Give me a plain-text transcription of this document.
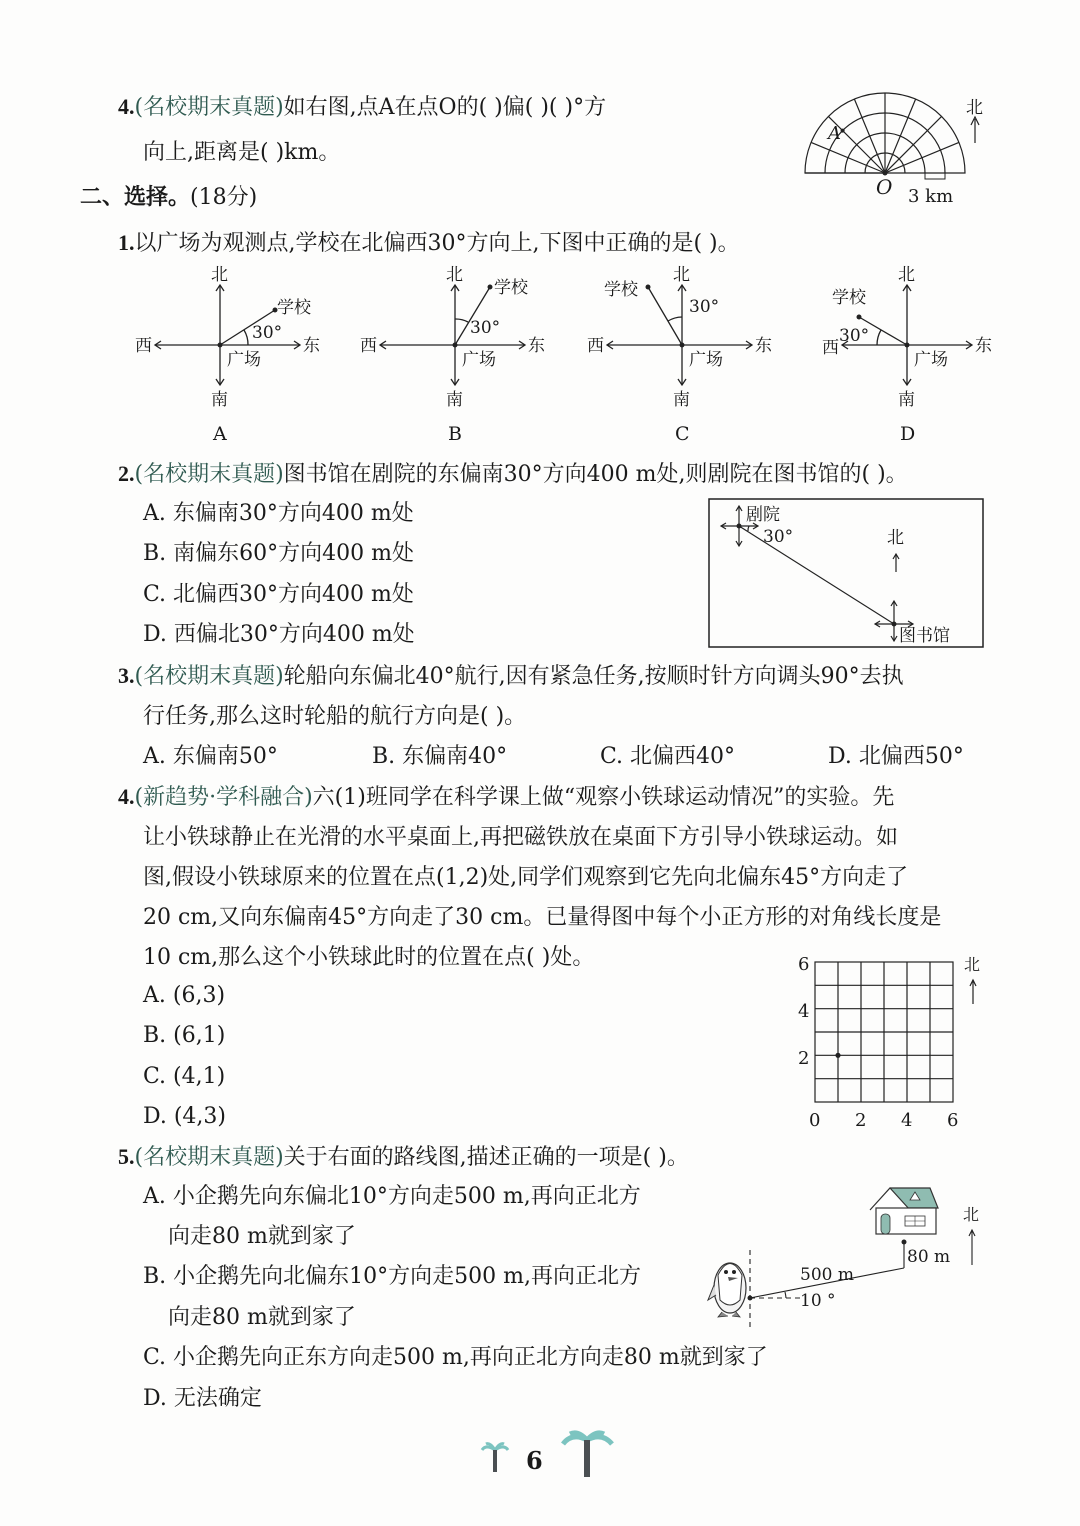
4.(名校期末真题)如右图,点A在点O的( )偏( )( )°方
向上,距离是( )km。
A
O 3 km
北
二、选择。(18分)
1.以广场为观测点,学校在北偏西30°方向上,下图中正确的是( )。
北
南
西	东
广场
学校
30°
A
北
南
西	东
广场
学校
30°
B
北
南
西	东
广场
学校
30°
C
北
南
西	东
广场
学校
30°
D
2.(名校期末真题)图书馆在剧院的东偏南30°方向400 m处,则剧院在图书馆的( )。
A. 东偏南30°方向400 m处
B. 南偏东60°方向400 m处
C. 北偏西30°方向400 m处
D. 西偏北30°方向400 m处
剧院
30°	北
图书馆
3.(名校期末真题)轮船向东偏北40°航行,因有紧急任务,按顺时针方向调头90°去执
行任务,那么这时轮船的航行方向是( )。
A. 东偏南50°	B. 东偏南40°	C. 北偏西40°	D. 北偏西50°
4.(新趋势·学科融合)六(1)班同学在科学课上做“观察小铁球运动情况”的实验。先
让小铁球静止在光滑的水平桌面上,再把磁铁放在桌面下方引导小铁球运动。如
图,假设小铁球原来的位置在点(1,2)处,同学们观察到它先向北偏东45°方向走了
20 cm,又向东偏南45°方向走了30 cm。已量得图中每个小正方形的对角线长度是
10 cm,那么这个小铁球此时的位置在点( )处。
A. (6,3)
B. (6,1)
C. (4,1)
D. (4,3)
6
4
2
0 2 4 6
北
5.(名校期末真题)关于右面的路线图,描述正确的一项是( )。
A. 小企鹅先向东偏北10°方向走500 m,再向正北方
向走80 m就到家了
B. 小企鹅先向北偏东10°方向走500 m,再向正北方
向走80 m就到家了
C. 小企鹅先向正东方向走500 m,再向正北方向走80 m就到家了
D. 无法确定
500 m
80 m
10 °
北
6
